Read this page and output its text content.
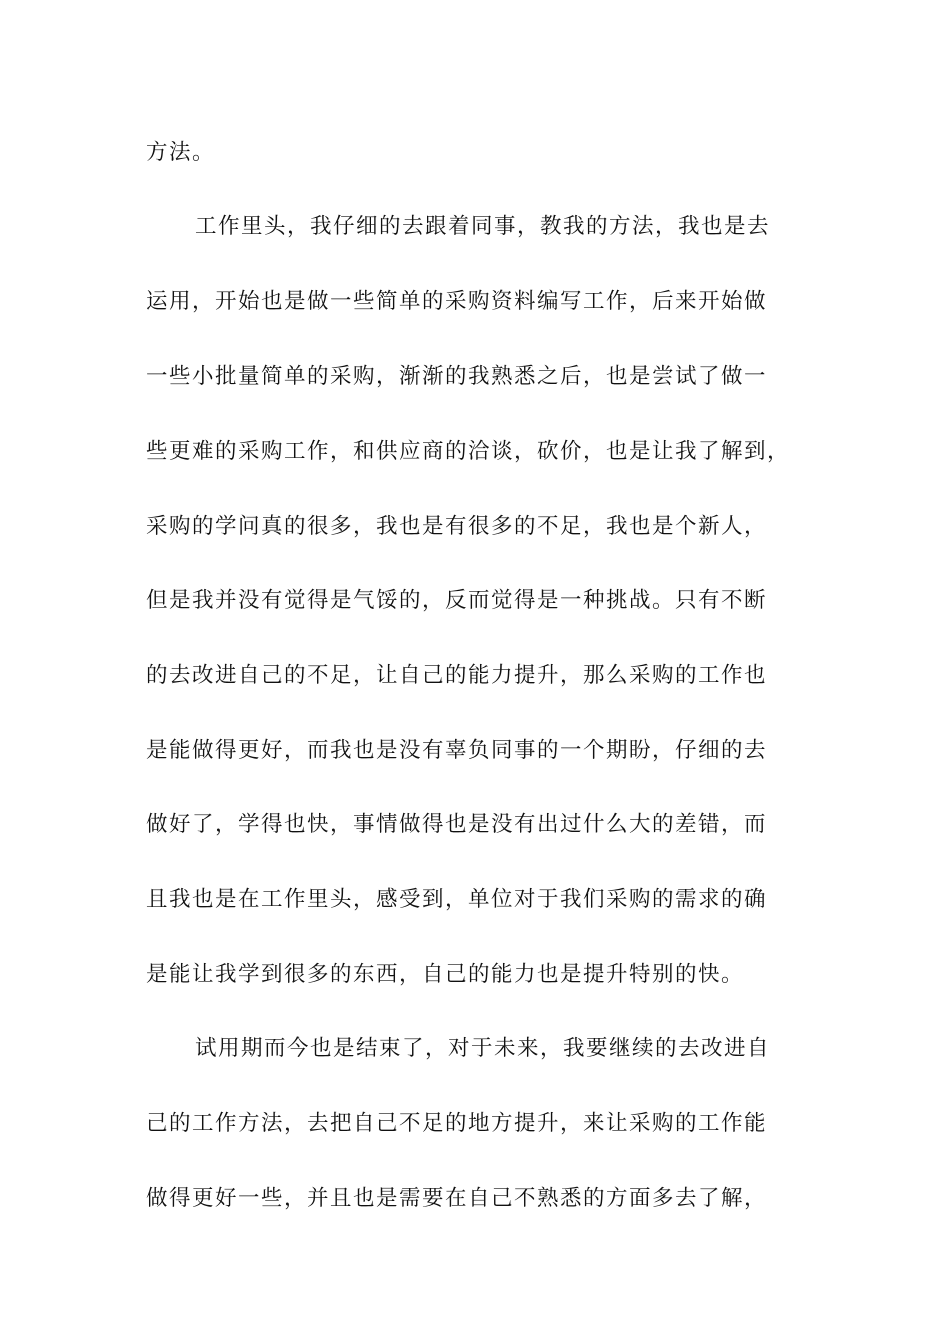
方法。

工作里头，我仔细的去跟着同事，教我的方法，我也是去

运用，开始也是做一些简单的采购资料编写工作，后来开始做

一些小批量简单的采购，渐渐的我熟悉之后，也是尝试了做一

些更难的采购工作，和供应商的洽谈，砍价，也是让我了解到，

采购的学问真的很多，我也是有很多的不足，我也是个新人，

但是我并没有觉得是气馁的，反而觉得是一种挑战。只有不断

的去改进自己的不足，让自己的能力提升，那么采购的工作也

是能做得更好，而我也是没有辜负同事的一个期盼，仔细的去

做好了，学得也快，事情做得也是没有出过什么大的差错，而

且我也是在工作里头，感受到，单位对于我们采购的需求的确

是能让我学到很多的东西，自己的能力也是提升特别的快。

试用期而今也是结束了，对于未来，我要继续的去改进自

己的工作方法，去把自己不足的地方提升，来让采购的工作能

做得更好一些，并且也是需要在自己不熟悉的方面多去了解，
